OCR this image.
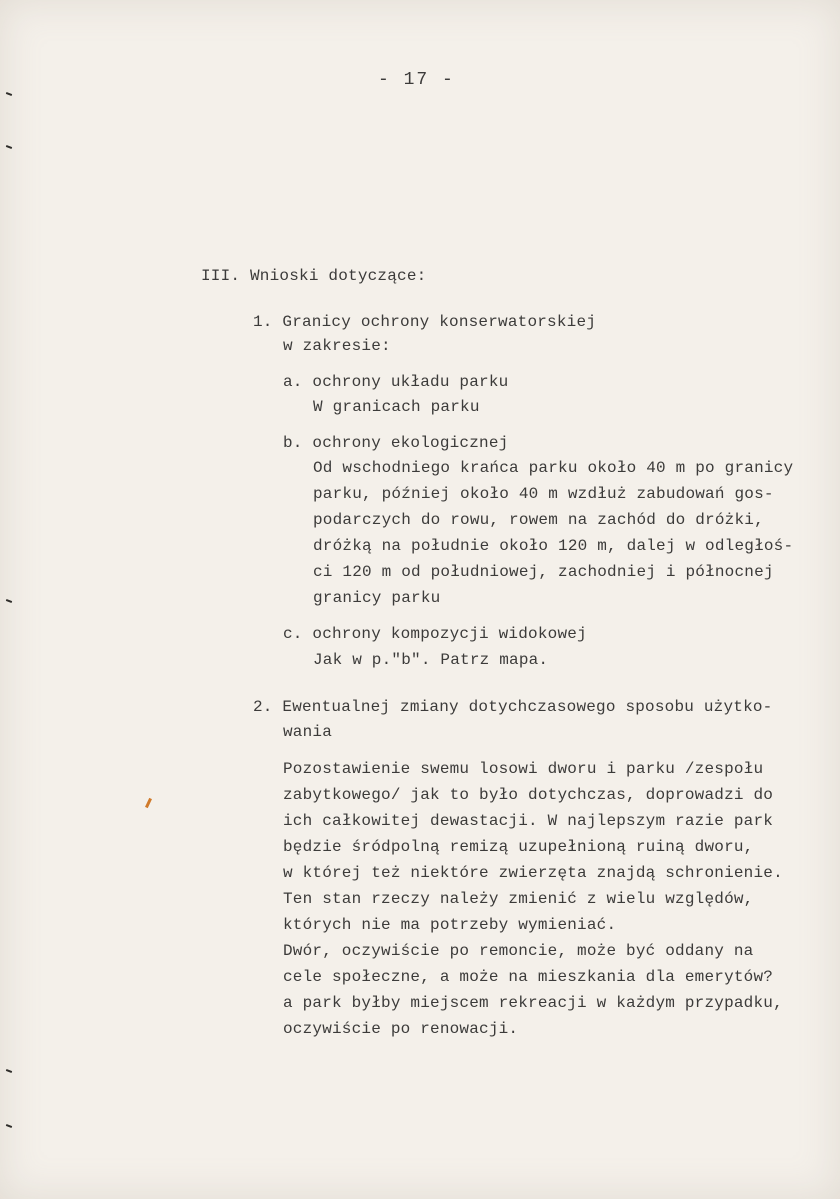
- 17 -
III. Wnioski dotyczące:
1. Granicy ochrony konserwatorskiej
w zakresie:
a. ochrony układu parku
W granicach parku
b. ochrony ekologicznej
Od wschodniego krańca parku około 40 m po granicy
parku, później około 40 m wzdłuż zabudowań gos-
podarczych do rowu, rowem na zachód do dróżki,
dróżką na południe około 120 m, dalej w odległoś-
ci 120 m od południowej, zachodniej i północnej
granicy parku
c. ochrony kompozycji widokowej
Jak w p."b". Patrz mapa.
2. Ewentualnej zmiany dotychczasowego sposobu użytko-
wania
Pozostawienie swemu losowi dworu i parku /zespołu
zabytkowego/ jak to było dotychczas, doprowadzi do
ich całkowitej dewastacji. W najlepszym razie park
będzie śródpolną remizą uzupełnioną ruiną dworu,
w której też niektóre zwierzęta znajdą schronienie.
Ten stan rzeczy należy zmienić z wielu względów,
których nie ma potrzeby wymieniać.
Dwór, oczywiście po remoncie, może być oddany na
cele społeczne, a może na mieszkania dla emerytów?
a park byłby miejscem rekreacji w każdym przypadku,
oczywiście po renowacji.
